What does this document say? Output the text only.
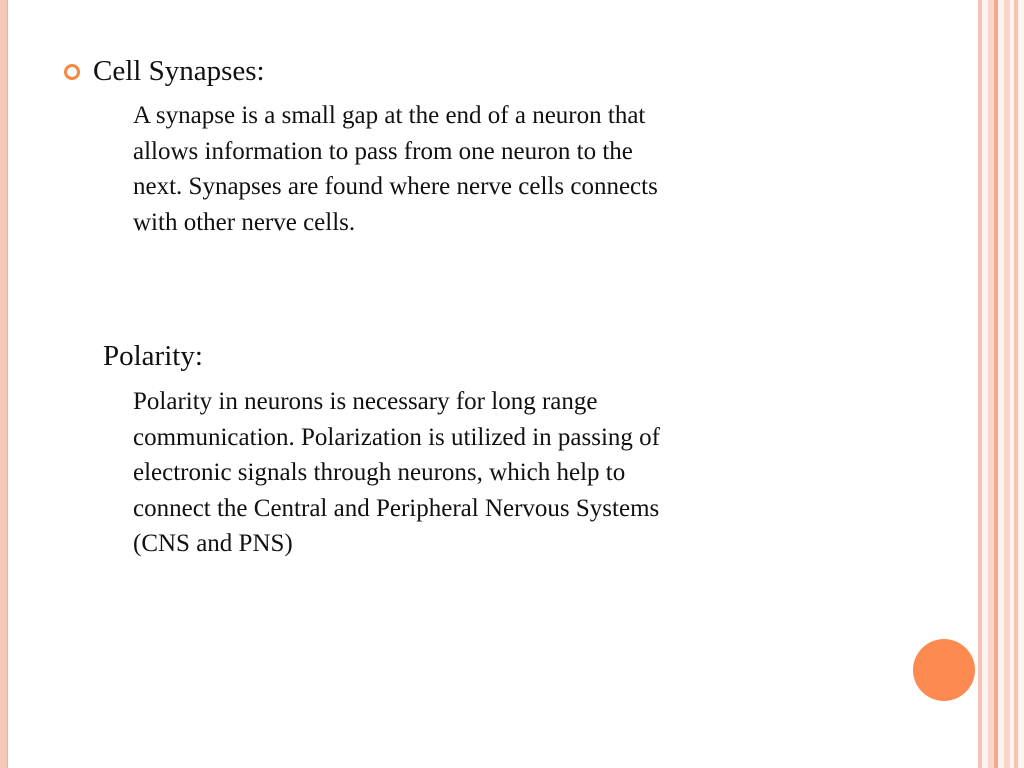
Cell Synapses:
A synapse is a small gap at the end of a neuron that
allows information to pass from one neuron to the
next. Synapses are found where nerve cells connects
with other nerve cells.
Polarity:
Polarity in neurons is necessary for long range
communication. Polarization is utilized in passing of
electronic signals through neurons, which help to
connect the Central and Peripheral Nervous Systems
(CNS and PNS)
